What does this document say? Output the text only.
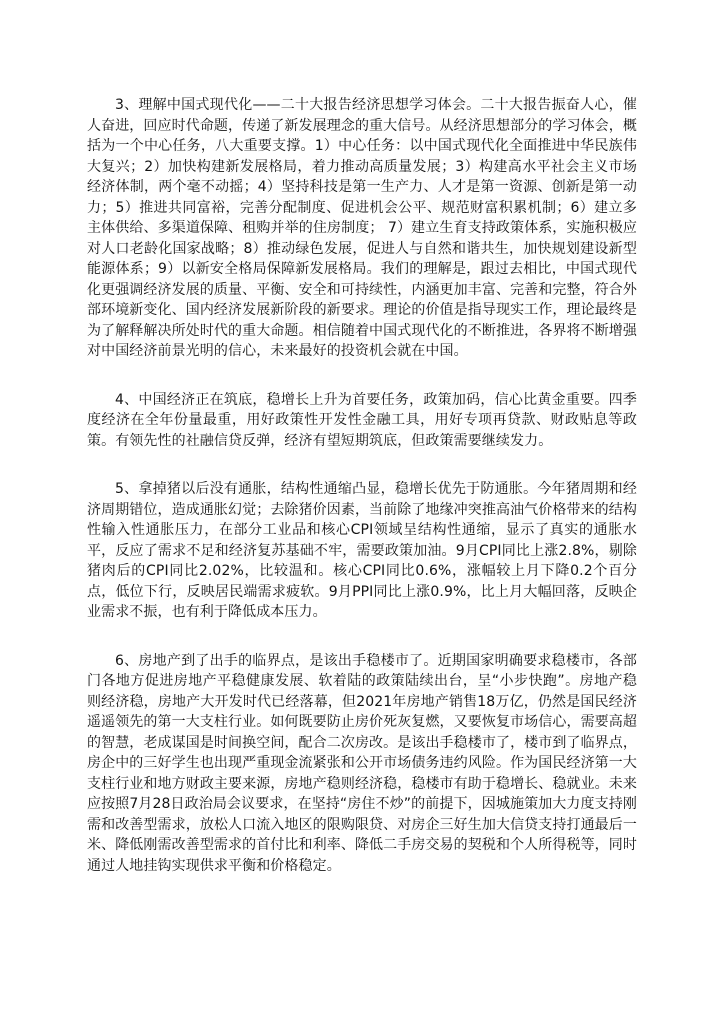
3、理解中国式现代化——二十大报告经济思想学习体会。二十大报告振奋人心，催人奋进，回应时代命题，传递了新发展理念的重大信号。从经济思想部分的学习体会，概括为一个中心任务，八大重要支撑。1）中心任务：以中国式现代化全面推进中华民族伟大复兴；2）加快构建新发展格局，着力推动高质量发展；3）构建高水平社会主义市场经济体制，两个毫不动摇；4）坚持科技是第一生产力、人才是第一资源、创新是第一动力；5）推进共同富裕，完善分配制度、促进机会公平、规范财富积累机制；6）建立多主体供给、多渠道保障、租购并举的住房制度； 7）建立生育支持政策体系，实施积极应对人口老龄化国家战略；8）推动绿色发展，促进人与自然和谐共生，加快规划建设新型能源体系；9）以新安全格局保障新发展格局。我们的理解是，跟过去相比，中国式现代化更强调经济发展的质量、平衡、安全和可持续性，内涵更加丰富、完善和完整，符合外部环境新变化、国内经济发展新阶段的新要求。理论的价值是指导现实工作，理论最终是为了解释解决所处时代的重大命题。相信随着中国式现代化的不断推进，各界将不断增强对中国经济前景光明的信心，未来最好的投资机会就在中国。

4、中国经济正在筑底，稳增长上升为首要任务，政策加码，信心比黄金重要。四季度经济在全年份量最重，用好政策性开发性金融工具，用好专项再贷款、财政贴息等政策。有领先性的社融信贷反弹，经济有望短期筑底，但政策需要继续发力。

5、拿掉猪以后没有通胀，结构性通缩凸显，稳增长优先于防通胀。今年猪周期和经济周期错位，造成通胀幻觉；去除猪价因素，当前除了地缘冲突推高油气价格带来的结构性输入性通胀压力，在部分工业品和核心CPI领域呈结构性通缩，显示了真实的通胀水平，反应了需求不足和经济复苏基础不牢，需要政策加油。9月CPI同比上涨2.8%，剔除猪肉后的CPI同比2.02%，比较温和。核心CPI同比0.6%，涨幅较上月下降0.2个百分点，低位下行，反映居民端需求疲软。9月PPI同比上涨0.9%，比上月大幅回落，反映企业需求不振，也有利于降低成本压力。

6、房地产到了出手的临界点，是该出手稳楼市了。近期国家明确要求稳楼市，各部门各地方促进房地产平稳健康发展、软着陆的政策陆续出台，呈“小步快跑”。房地产稳则经济稳，房地产大开发时代已经落幕，但2021年房地产销售18万亿，仍然是国民经济遥遥领先的第一大支柱行业。如何既要防止房价死灰复燃，又要恢复市场信心，需要高超的智慧，老成谋国是时间换空间，配合二次房改。是该出手稳楼市了，楼市到了临界点，房企中的三好学生也出现严重现金流紧张和公开市场债务违约风险。作为国民经济第一大支柱行业和地方财政主要来源，房地产稳则经济稳，稳楼市有助于稳增长、稳就业。未来应按照7月28日政治局会议要求，在坚持“房住不炒”的前提下，因城施策加大力度支持刚需和改善型需求，放松人口流入地区的限购限贷、对房企三好生加大信贷支持打通最后一米、降低刚需改善型需求的首付比和利率、降低二手房交易的契税和个人所得税等，同时通过人地挂钩实现供求平衡和价格稳定。
